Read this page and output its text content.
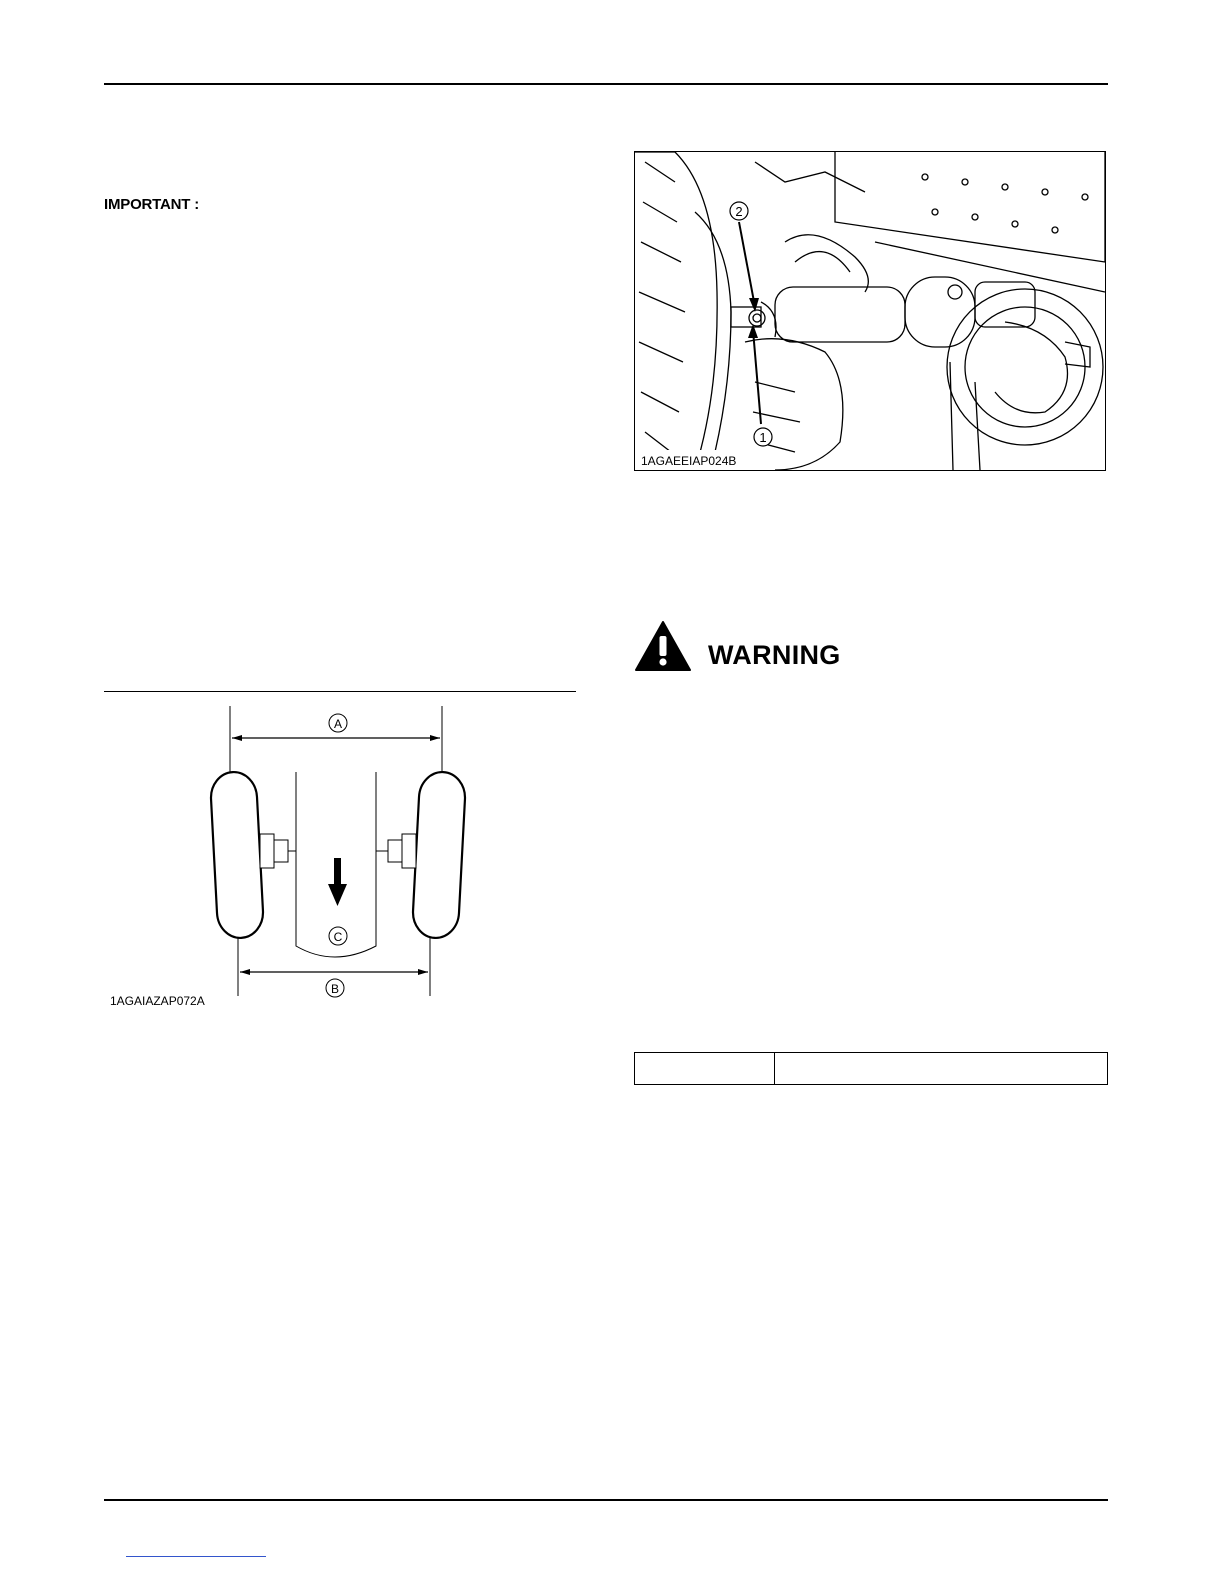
IMPORTANT :
A
C
B
1AGAIAZAP072A
2
1
1AGAEEIAP024B
WARNING
